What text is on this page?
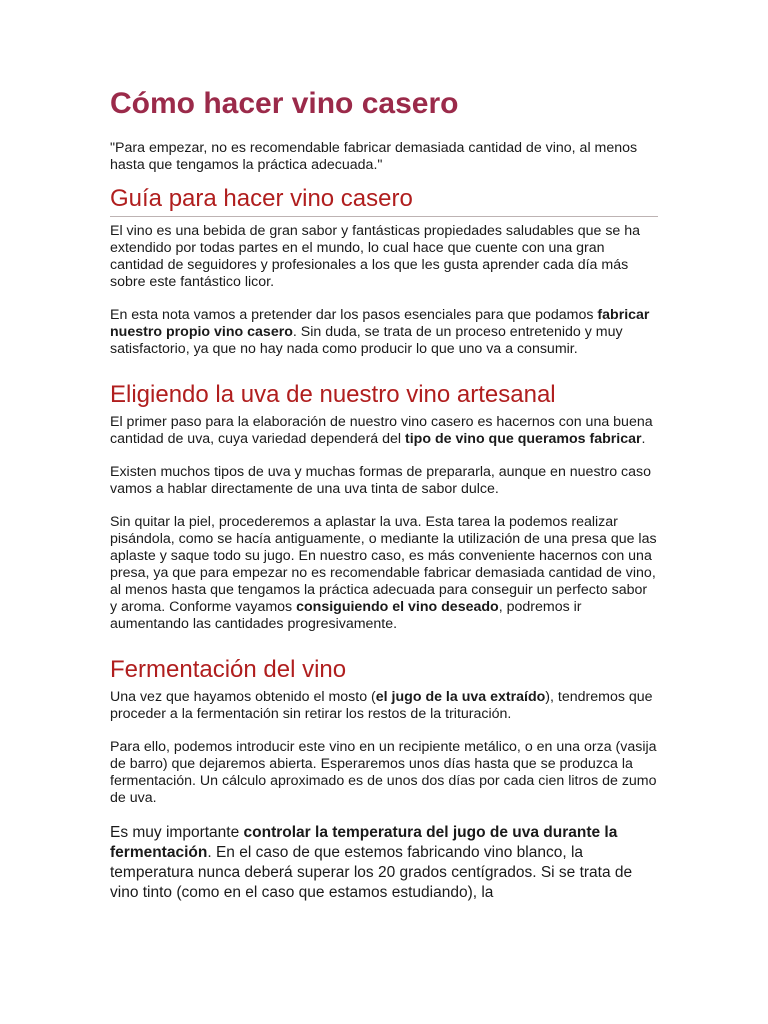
Cómo hacer vino casero

"Para empezar, no es recomendable fabricar demasiada cantidad de vino, al menos hasta que tengamos la práctica adecuada."

Guía para hacer vino casero

El vino es una bebida de gran sabor y fantásticas propiedades saludables que se ha extendido por todas partes en el mundo, lo cual hace que cuente con una gran cantidad de seguidores y profesionales a los que les gusta aprender cada día más sobre este fantástico licor.

En esta nota vamos a pretender dar los pasos esenciales para que podamos fabricar nuestro propio vino casero. Sin duda, se trata de un proceso entretenido y muy satisfactorio, ya que no hay nada como producir lo que uno va a consumir.

Eligiendo la uva de nuestro vino artesanal

El primer paso para la elaboración de nuestro vino casero es hacernos con una buena cantidad de uva, cuya variedad dependerá del tipo de vino que queramos fabricar.

Existen muchos tipos de uva y muchas formas de prepararla, aunque en nuestro caso vamos a hablar directamente de una uva tinta de sabor dulce.

Sin quitar la piel, procederemos a aplastar la uva. Esta tarea la podemos realizar pisándola, como se hacía antiguamente, o mediante la utilización de una presa que las aplaste y saque todo su jugo. En nuestro caso, es más conveniente hacernos con una presa, ya que para empezar no es recomendable fabricar demasiada cantidad de vino, al menos hasta que tengamos la práctica adecuada para conseguir un perfecto sabor y aroma. Conforme vayamos consiguiendo el vino deseado, podremos ir aumentando las cantidades progresivamente.

Fermentación del vino

Una vez que hayamos obtenido el mosto (el jugo de la uva extraído), tendremos que proceder a la fermentación sin retirar los restos de la trituración.

Para ello, podemos introducir este vino en un recipiente metálico, o en una orza (vasija de barro) que dejaremos abierta. Esperaremos unos días hasta que se produzca la fermentación. Un cálculo aproximado es de unos dos días por cada cien litros de zumo de uva.

Es muy importante controlar la temperatura del jugo de uva durante la fermentación. En el caso de que estemos fabricando vino blanco, la temperatura nunca deberá superar los 20 grados centígrados. Si se trata de vino tinto (como en el caso que estamos estudiando), la
